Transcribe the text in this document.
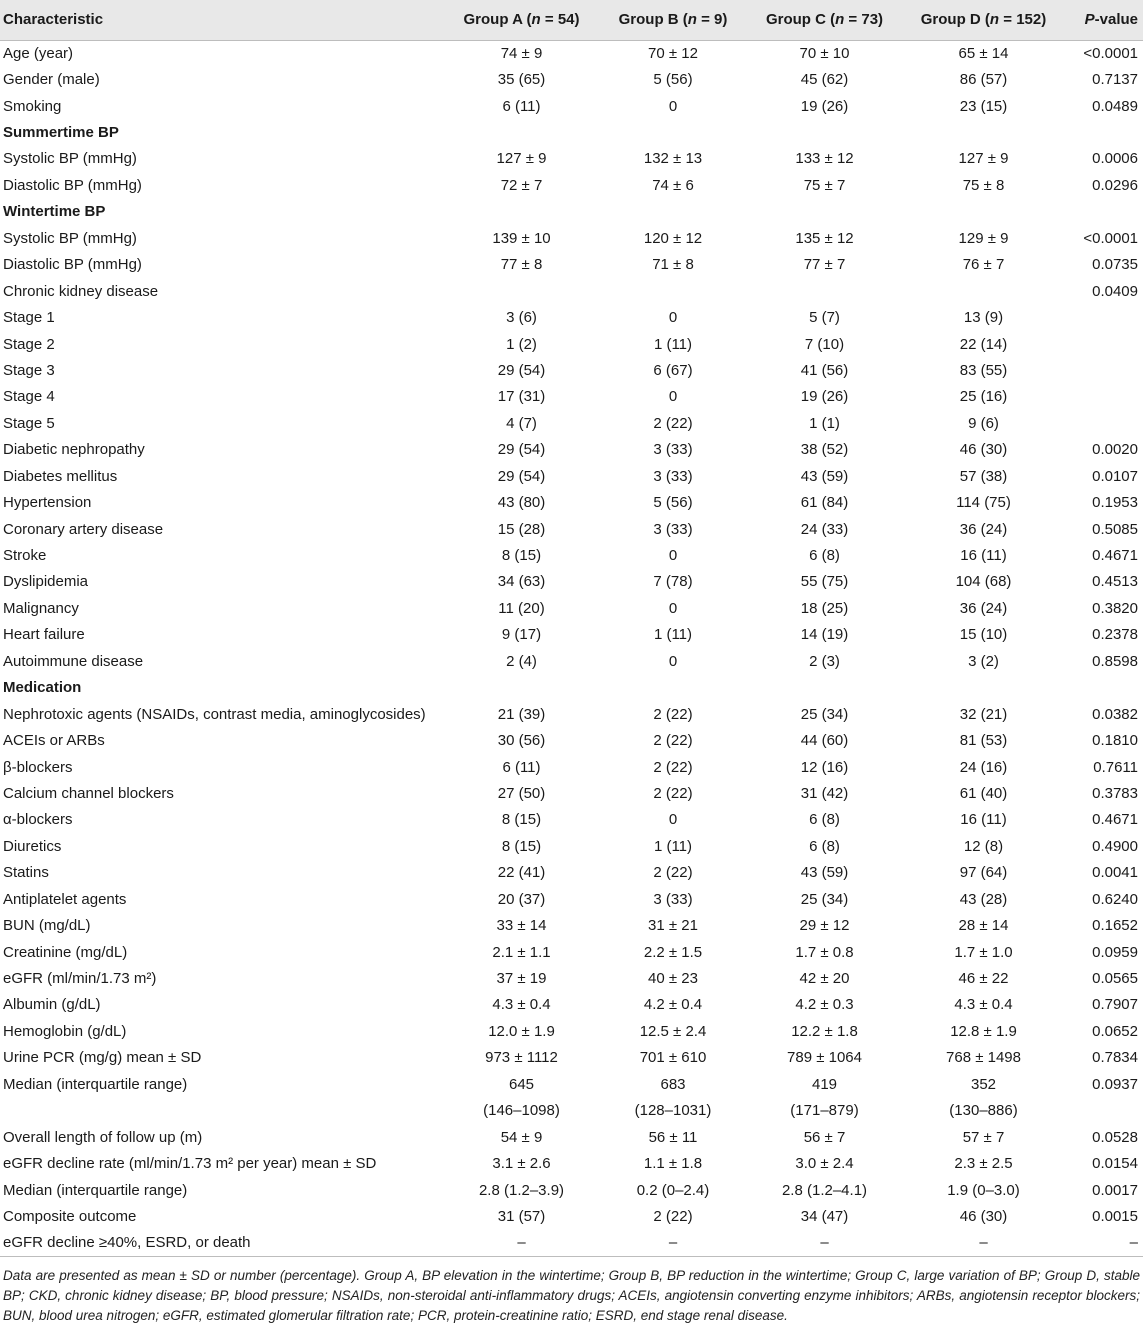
Characteristic	Group A (n = 54)	Group B (n = 9)	Group C (n = 73)	Group D (n = 152)	P-value
Age (year)	74 ± 9	70 ± 12	70 ± 10	65 ± 14	<0.0001
Gender (male)	35 (65)	5 (56)	45 (62)	86 (57)	0.7137
Smoking	6 (11)	0	19 (26)	23 (15)	0.0489
Summertime BP					
Systolic BP (mmHg)	127 ± 9	132 ± 13	133 ± 12	127 ± 9	0.0006
Diastolic BP (mmHg)	72 ± 7	74 ± 6	75 ± 7	75 ± 8	0.0296
Wintertime BP					
Systolic BP (mmHg)	139 ± 10	120 ± 12	135 ± 12	129 ± 9	<0.0001
Diastolic BP (mmHg)	77 ± 8	71 ± 8	77 ± 7	76 ± 7	0.0735
Chronic kidney disease					0.0409
Stage 1	3 (6)	0	5 (7)	13 (9)	
Stage 2	1 (2)	1 (11)	7 (10)	22 (14)	
Stage 3	29 (54)	6 (67)	41 (56)	83 (55)	
Stage 4	17 (31)	0	19 (26)	25 (16)	
Stage 5	4 (7)	2 (22)	1 (1)	9 (6)	
Diabetic nephropathy	29 (54)	3 (33)	38 (52)	46 (30)	0.0020
Diabetes mellitus	29 (54)	3 (33)	43 (59)	57 (38)	0.0107
Hypertension	43 (80)	5 (56)	61 (84)	114 (75)	0.1953
Coronary artery disease	15 (28)	3 (33)	24 (33)	36 (24)	0.5085
Stroke	8 (15)	0	6 (8)	16 (11)	0.4671
Dyslipidemia	34 (63)	7 (78)	55 (75)	104 (68)	0.4513
Malignancy	11 (20)	0	18 (25)	36 (24)	0.3820
Heart failure	9 (17)	1 (11)	14 (19)	15 (10)	0.2378
Autoimmune disease	2 (4)	0	2 (3)	3 (2)	0.8598
Medication					
Nephrotoxic agents (NSAIDs, contrast media, aminoglycosides)	21 (39)	2 (22)	25 (34)	32 (21)	0.0382
ACEIs or ARBs	30 (56)	2 (22)	44 (60)	81 (53)	0.1810
β-blockers	6 (11)	2 (22)	12 (16)	24 (16)	0.7611
Calcium channel blockers	27 (50)	2 (22)	31 (42)	61 (40)	0.3783
α-blockers	8 (15)	0	6 (8)	16 (11)	0.4671
Diuretics	8 (15)	1 (11)	6 (8)	12 (8)	0.4900
Statins	22 (41)	2 (22)	43 (59)	97 (64)	0.0041
Antiplatelet agents	20 (37)	3 (33)	25 (34)	43 (28)	0.6240
BUN (mg/dL)	33 ± 14	31 ± 21	29 ± 12	28 ± 14	0.1652
Creatinine (mg/dL)	2.1 ± 1.1	2.2 ± 1.5	1.7 ± 0.8	1.7 ± 1.0	0.0959
eGFR (ml/min/1.73 m²)	37 ± 19	40 ± 23	42 ± 20	46 ± 22	0.0565
Albumin (g/dL)	4.3 ± 0.4	4.2 ± 0.4	4.2 ± 0.3	4.3 ± 0.4	0.7907
Hemoglobin (g/dL)	12.0 ± 1.9	12.5 ± 2.4	12.2 ± 1.8	12.8 ± 1.9	0.0652
Urine PCR (mg/g) mean ± SD	973 ± 1112	701 ± 610	789 ± 1064	768 ± 1498	0.7834
Median (interquartile range)	645	683	419	352	0.0937
	(146–1098)	(128–1031)	(171–879)	(130–886)	
Overall length of follow up (m)	54 ± 9	56 ± 11	56 ± 7	57 ± 7	0.0528
eGFR decline rate (ml/min/1.73 m² per year) mean ± SD	3.1 ± 2.6	1.1 ± 1.8	3.0 ± 2.4	2.3 ± 2.5	0.0154
Median (interquartile range)	2.8 (1.2–3.9)	0.2 (0–2.4)	2.8 (1.2–4.1)	1.9 (0–3.0)	0.0017
Composite outcome	31 (57)	2 (22)	34 (47)	46 (30)	0.0015
eGFR decline ≥40%, ESRD, or death	–	–	–	–	–
Data are presented as mean ± SD or number (percentage). Group A, BP elevation in the wintertime; Group B, BP reduction in the wintertime; Group C, large variation of BP; Group D, stable BP; CKD, chronic kidney disease; BP, blood pressure; NSAIDs, non-steroidal anti-inflammatory drugs; ACEIs, angiotensin converting enzyme inhibitors; ARBs, angiotensin receptor blockers; BUN, blood urea nitrogen; eGFR, estimated glomerular filtration rate; PCR, protein-creatinine ratio; ESRD, end stage renal disease.
